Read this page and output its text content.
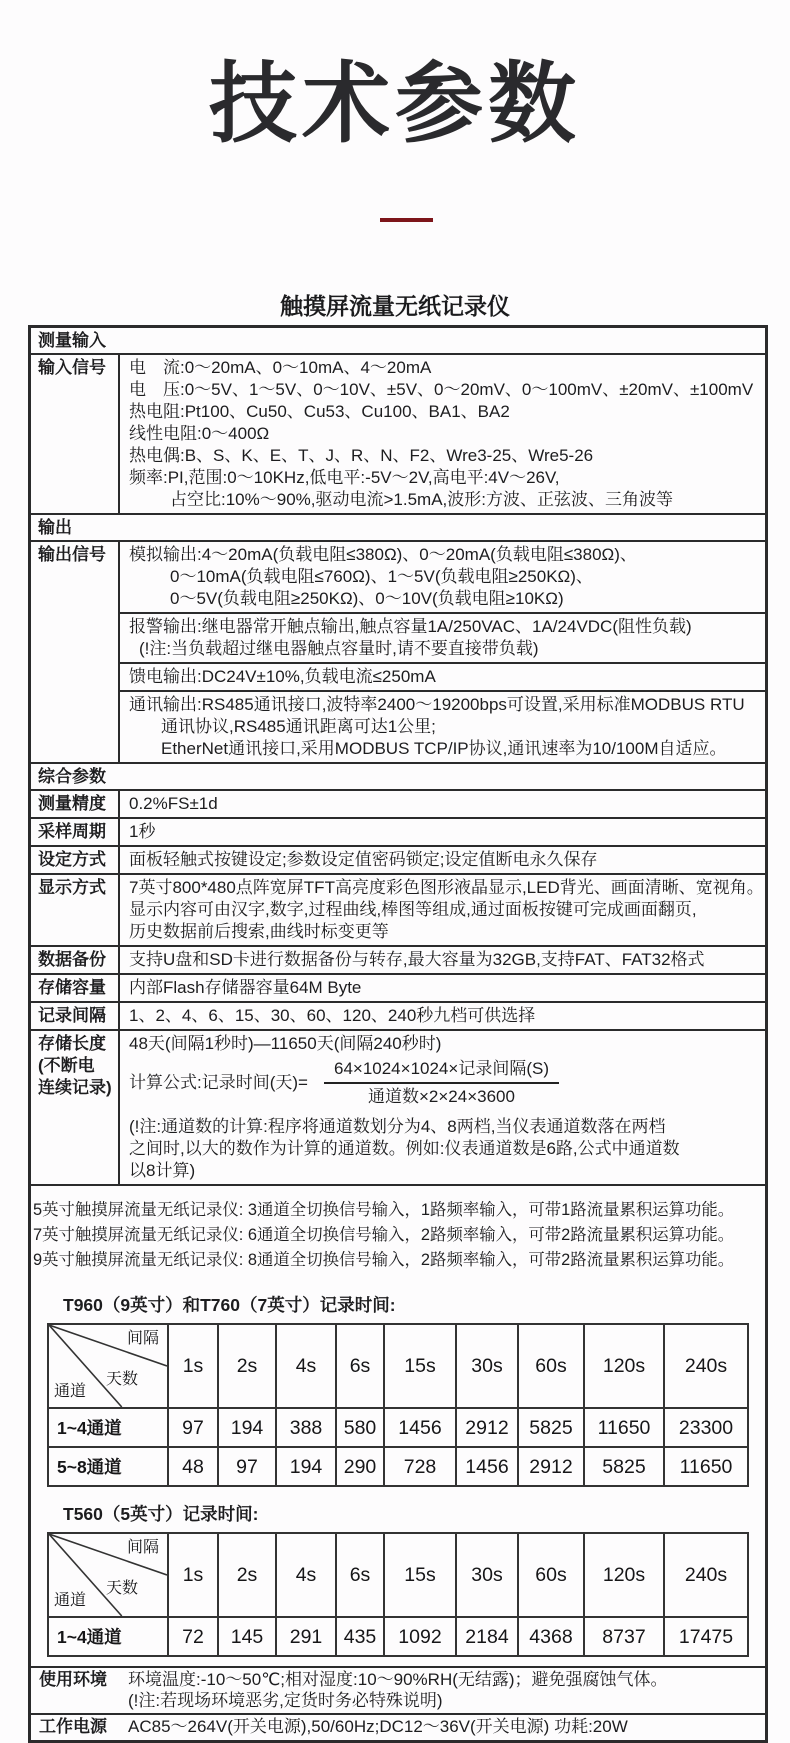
技术参数
触摸屏流量无纸记录仪
测量输入
输入信号	电　流:0～20mA、0～10mA、4～20mA
电　压:0～5V、1～5V、0～10V、±5V、0～20mV、0～100mV、±20mV、±100mV
热电阻:Pt100、Cu50、Cu53、Cu100、BA1、BA2
线性电阻:0～400Ω
热电偶:B、S、K、E、T、J、R、N、F2、Wre3-25、Wre5-26
频率:PI,范围:0～10KHz,低电平:-5V～2V,高电平:4V～26V,
占空比:10%～90%,驱动电流>1.5mA,波形:方波、正弦波、三角波等
输出
输出信号	模拟输出:4～20mA(负载电阻≤380Ω)、0～20mA(负载电阻≤380Ω)、
0～10mA(负载电阻≤760Ω)、1～5V(负载电阻≥250KΩ)、
0～5V(负载电阻≥250KΩ)、0～10V(负载电阻≥10KΩ)
报警输出:继电器常开触点输出,触点容量1A/250VAC、1A/24VDC(阻性负载)
(!注:当负载超过继电器触点容量时,请不要直接带负载)
馈电输出:DC24V±10%,负载电流≤250mA
通讯输出:RS485通讯接口,波特率2400～19200bps可设置,采用标准MODBUS RTU
通讯协议,RS485通讯距离可达1公里;
EtherNet通讯接口,采用MODBUS TCP/IP协议,通讯速率为10/100M自适应。
综合参数
测量精度	0.2%FS±1d
采样周期	1秒
设定方式	面板轻触式按键设定;参数设定值密码锁定;设定值断电永久保存
显示方式	7英寸800*480点阵宽屏TFT高亮度彩色图形液晶显示,LED背光、画面清晰、宽视角。
显示内容可由汉字,数字,过程曲线,棒图等组成,通过面板按键可完成画面翻页,
历史数据前后搜索,曲线时标变更等
数据备份	支持U盘和SD卡进行数据备份与转存,最大容量为32GB,支持FAT、FAT32格式
存储容量	内部Flash存储器容量64M Byte
记录间隔	1、2、4、6、15、30、60、120、240秒九档可供选择
存储长度
(不断电
连续记录)
48天(间隔1秒时)—11650天(间隔240秒时)
计算公式:记录时间(天)= $\frac{\text{64×1024×1024×记录间隔(S)}}{\text{通道数×2×24×3600}}$
(!注:通道数的计算:程序将通道数划分为4、8两档,当仪表通道数落在两档
之间时,以大的数作为计算的通道数。例如:仪表通道数是6路,公式中通道数
以8计算)
5英寸触摸屏流量无纸记录仪: 3通道全切换信号输入，1路频率输入，可带1路流量累积运算功能。
7英寸触摸屏流量无纸记录仪: 6通道全切换信号输入，2路频率输入，可带2路流量累积运算功能。
9英寸触摸屏流量无纸记录仪: 8通道全切换信号输入，2路频率输入，可带2路流量累积运算功能。
T960（9英寸）和T760（7英寸）记录时间:
间隔
天数
通道	1s	2s	4s	6s	15s	30s	60s	120s	240s
1~4通道	97	194	388	580	1456	2912	5825	11650	23300
5~8通道	48	97	194	290	728	1456	2912	5825	11650
T560（5英寸）记录时间:
间隔
天数
通道	1s	2s	4s	6s	15s	30s	60s	120s	240s
1~4通道	72	145	291	435	1092	2184	4368	8737	17475
使用环境	环境温度:-10～50℃;相对湿度:10～90%RH(无结露)；避免强腐蚀气体。
(!注:若现场环境恶劣,定货时务必特殊说明)
工作电源	AC85～264V(开关电源),50/60Hz;DC12～36V(开关电源) 功耗:20W
